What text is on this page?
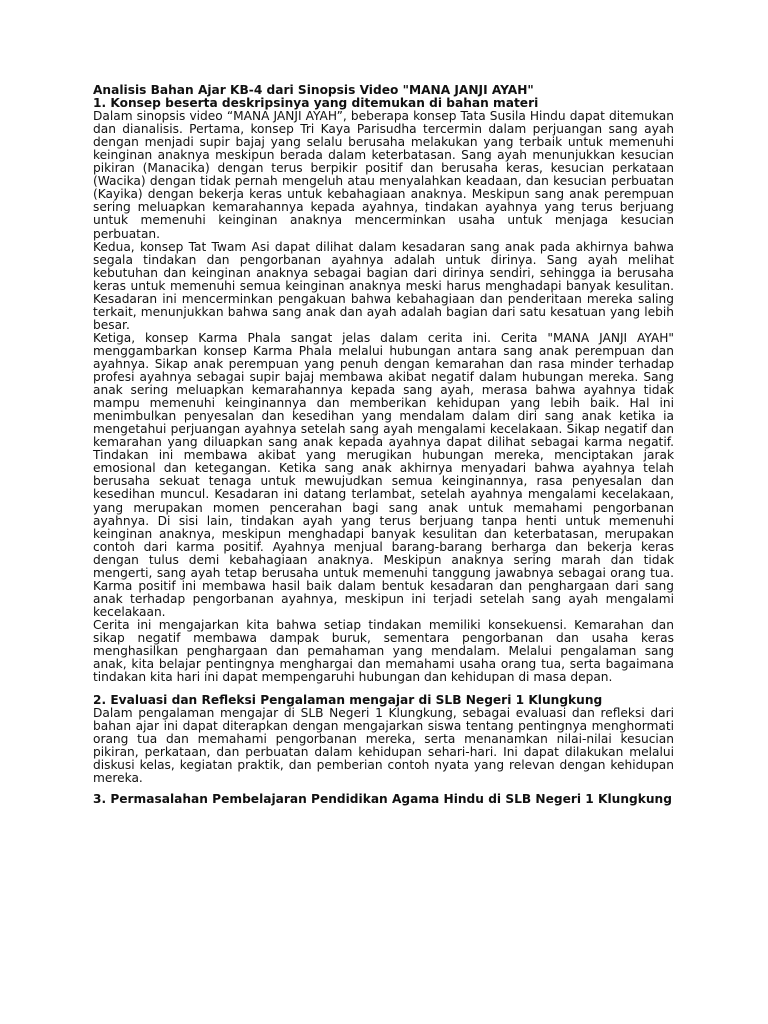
Analisis Bahan Ajar KB-4 dari Sinopsis Video "MANA JANJI AYAH"

1. Konsep beserta deskripsinya yang ditemukan di bahan materi

Dalam sinopsis video “MANA JANJI AYAH”, beberapa konsep Tata Susila Hindu dapat ditemukan dan dianalisis. Pertama, konsep Tri Kaya Parisudha tercermin dalam perjuangan sang ayah dengan menjadi supir bajaj yang selalu berusaha melakukan yang terbaik untuk memenuhi keinginan anaknya meskipun berada dalam keterbatasan. Sang ayah menunjukkan kesucian pikiran (Manacika) dengan terus berpikir positif dan berusaha keras, kesucian perkataan (Wacika) dengan tidak pernah mengeluh atau menyalahkan keadaan, dan kesucian perbuatan (Kayika) dengan bekerja keras untuk kebahagiaan anaknya. Meskipun sang anak perempuan sering meluapkan kemarahannya kepada ayahnya, tindakan ayahnya yang terus berjuang untuk memenuhi keinginan anaknya mencerminkan usaha untuk menjaga kesucian perbuatan.

Kedua, konsep Tat Twam Asi dapat dilihat dalam kesadaran sang anak pada akhirnya bahwa segala tindakan dan pengorbanan ayahnya adalah untuk dirinya. Sang ayah melihat kebutuhan dan keinginan anaknya sebagai bagian dari dirinya sendiri, sehingga ia berusaha keras untuk memenuhi semua keinginan anaknya meski harus menghadapi banyak kesulitan. Kesadaran ini mencerminkan pengakuan bahwa kebahagiaan dan penderitaan mereka saling terkait, menunjukkan bahwa sang anak dan ayah adalah bagian dari satu kesatuan yang lebih besar.

Ketiga, konsep Karma Phala sangat jelas dalam cerita ini. Cerita "MANA JANJI AYAH" menggambarkan konsep Karma Phala melalui hubungan antara sang anak perempuan dan ayahnya. Sikap anak perempuan yang penuh dengan kemarahan dan rasa minder terhadap profesi ayahnya sebagai supir bajaj membawa akibat negatif dalam hubungan mereka. Sang anak sering meluapkan kemarahannya kepada sang ayah, merasa bahwa ayahnya tidak mampu memenuhi keinginannya dan memberikan kehidupan yang lebih baik. Hal ini menimbulkan penyesalan dan kesedihan yang mendalam dalam diri sang anak ketika ia mengetahui perjuangan ayahnya setelah sang ayah mengalami kecelakaan. Sikap negatif dan kemarahan yang diluapkan sang anak kepada ayahnya dapat dilihat sebagai karma negatif. Tindakan ini membawa akibat yang merugikan hubungan mereka, menciptakan jarak emosional dan ketegangan. Ketika sang anak akhirnya menyadari bahwa ayahnya telah berusaha sekuat tenaga untuk mewujudkan semua keinginannya, rasa penyesalan dan kesedihan muncul. Kesadaran ini datang terlambat, setelah ayahnya mengalami kecelakaan, yang merupakan momen pencerahan bagi sang anak untuk memahami pengorbanan ayahnya. Di sisi lain, tindakan ayah yang terus berjuang tanpa henti untuk memenuhi keinginan anaknya, meskipun menghadapi banyak kesulitan dan keterbatasan, merupakan contoh dari karma positif. Ayahnya menjual barang-barang berharga dan bekerja keras dengan tulus demi kebahagiaan anaknya. Meskipun anaknya sering marah dan tidak mengerti, sang ayah tetap berusaha untuk memenuhi tanggung jawabnya sebagai orang tua. Karma positif ini membawa hasil baik dalam bentuk kesadaran dan penghargaan dari sang anak terhadap pengorbanan ayahnya, meskipun ini terjadi setelah sang ayah mengalami kecelakaan.

Cerita ini mengajarkan kita bahwa setiap tindakan memiliki konsekuensi. Kemarahan dan sikap negatif membawa dampak buruk, sementara pengorbanan dan usaha keras menghasilkan penghargaan dan pemahaman yang mendalam. Melalui pengalaman sang anak, kita belajar pentingnya menghargai dan memahami usaha orang tua, serta bagaimana tindakan kita hari ini dapat mempengaruhi hubungan dan kehidupan di masa depan.

2. Evaluasi dan Refleksi Pengalaman mengajar di SLB Negeri 1 Klungkung

Dalam pengalaman mengajar di SLB Negeri 1 Klungkung, sebagai evaluasi dan refleksi dari bahan ajar ini dapat diterapkan dengan mengajarkan siswa tentang pentingnya menghormati orang tua dan memahami pengorbanan mereka, serta menanamkan nilai-nilai kesucian pikiran, perkataan, dan perbuatan dalam kehidupan sehari-hari. Ini dapat dilakukan melalui diskusi kelas, kegiatan praktik, dan pemberian contoh nyata yang relevan dengan kehidupan mereka.

3. Permasalahan Pembelajaran Pendidikan Agama Hindu di SLB Negeri 1 Klungkung
